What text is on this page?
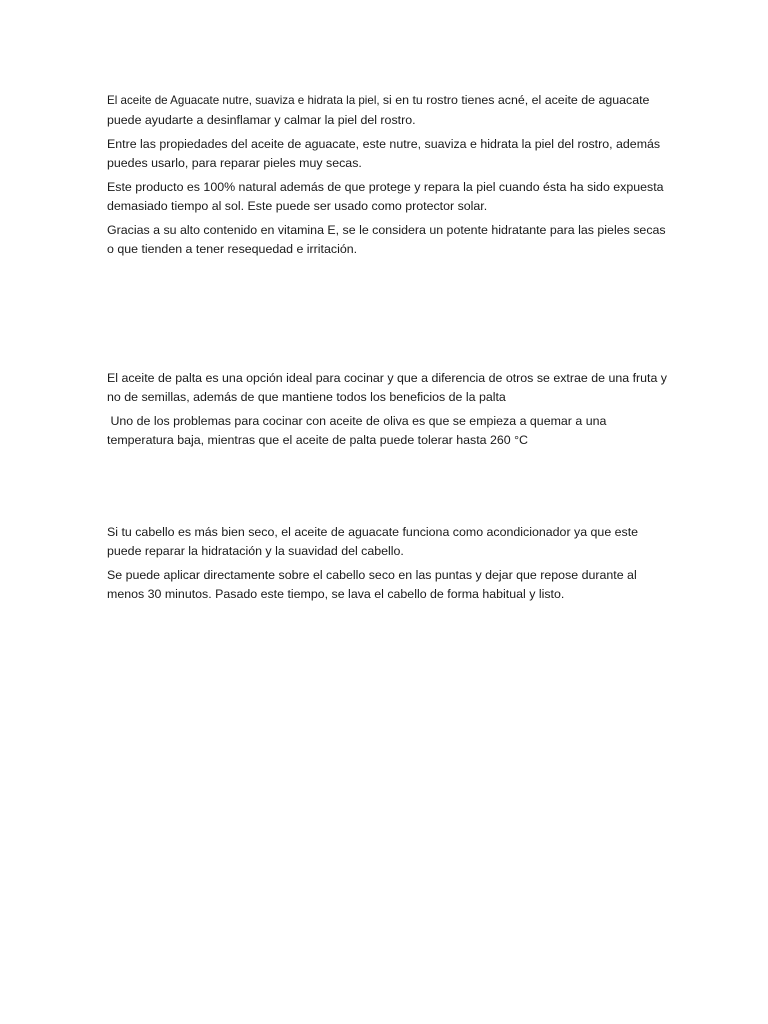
El aceite de Aguacate nutre, suaviza e hidrata la piel, si en tu rostro tienes acné, el aceite de aguacate puede ayudarte a desinflamar y calmar la piel del rostro.

Entre las propiedades del aceite de aguacate, este nutre, suaviza e hidrata la piel del rostro, además puedes usarlo, para reparar pieles muy secas.

Este producto es 100% natural además de que protege y repara la piel cuando ésta ha sido expuesta demasiado tiempo al sol. Este puede ser usado como protector solar.

Gracias a su alto contenido en vitamina E, se le considera un potente hidratante para las pieles secas o que tienden a tener resequedad e irritación.

El aceite de palta es una opción ideal para cocinar y que a diferencia de otros se extrae de una fruta y no de semillas, además de que mantiene todos los beneficios de la palta

Uno de los problemas para cocinar con aceite de oliva es que se empieza a quemar a una temperatura baja, mientras que el aceite de palta puede tolerar hasta 260 °C

Si tu cabello es más bien seco, el aceite de aguacate funciona como acondicionador ya que este puede reparar la hidratación y la suavidad del cabello.

Se puede aplicar directamente sobre el cabello seco en las puntas y dejar que repose durante al menos 30 minutos. Pasado este tiempo, se lava el cabello de forma habitual y listo.
